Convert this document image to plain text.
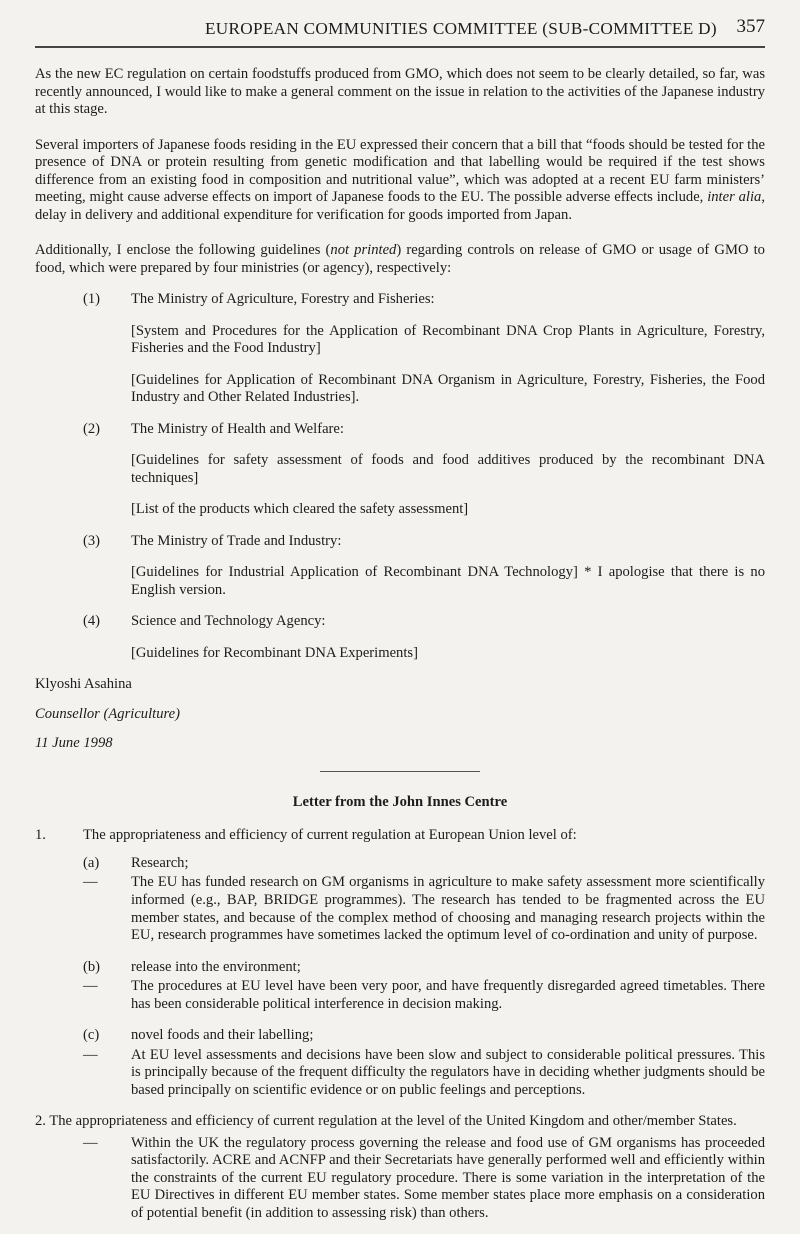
EUROPEAN COMMUNITIES COMMITTEE (SUB-COMMITTEE D) 357
As the new EC regulation on certain foodstuffs produced from GMO, which does not seem to be clearly detailed, so far, was recently announced, I would like to make a general comment on the issue in relation to the activities of the Japanese industry at this stage.
Several importers of Japanese foods residing in the EU expressed their concern that a bill that “foods should be tested for the presence of DNA or protein resulting from genetic modification and that labelling would be required if the test shows difference from an existing food in composition and nutritional value”, which was adopted at a recent EU farm ministers’ meeting, might cause adverse effects on import of Japanese foods to the EU. The possible adverse effects include, inter alia, delay in delivery and additional expenditure for verification for goods imported from Japan.
Additionally, I enclose the following guidelines (not printed) regarding controls on release of GMO or usage of GMO to food, which were prepared by four ministries (or agency), respectively:
(1) The Ministry of Agriculture, Forestry and Fisheries:
[System and Procedures for the Application of Recombinant DNA Crop Plants in Agriculture, Forestry, Fisheries and the Food Industry]
[Guidelines for Application of Recombinant DNA Organism in Agriculture, Forestry, Fisheries, the Food Industry and Other Related Industries].
(2) The Ministry of Health and Welfare:
[Guidelines for safety assessment of foods and food additives produced by the recombinant DNA techniques]
[List of the products which cleared the safety assessment]
(3) The Ministry of Trade and Industry:
[Guidelines for Industrial Application of Recombinant DNA Technology] * I apologise that there is no English version.
(4) Science and Technology Agency:
[Guidelines for Recombinant DNA Experiments]
Klyoshi Asahina
Counsellor (Agriculture)
11 June 1998
Letter from the John Innes Centre
1.	The appropriateness and efficiency of current regulation at European Union level of:
(a) Research;
— The EU has funded research on GM organisms in agriculture to make safety assessment more scientifically informed (e.g., BAP, BRIDGE programmes). The research has tended to be fragmented across the EU member states, and because of the complex method of choosing and managing research projects within the EU, research programmes have sometimes lacked the optimum level of co-ordination and unity of purpose.
(b) release into the environment;
— The procedures at EU level have been very poor, and have frequently disregarded agreed timetables. There has been considerable political interference in decision making.
(c) novel foods and their labelling;
— At EU level assessments and decisions have been slow and subject to considerable political pressures. This is principally because of the frequent difficulty the regulators have in deciding whether judgments should be based principally on scientific evidence or on public feelings and perceptions.
2. The appropriateness and efficiency of current regulation at the level of the United Kingdom and other/member States.
— Within the UK the regulatory process governing the release and food use of GM organisms has proceeded satisfactorily. ACRE and ACNFP and their Secretariats have generally performed well and efficiently within the constraints of the current EU regulatory procedure. There is some variation in the interpretation of the EU Directives in different EU member states. Some member states place more emphasis on a consideration of potential benefit (in addition to assessing risk) than others.
